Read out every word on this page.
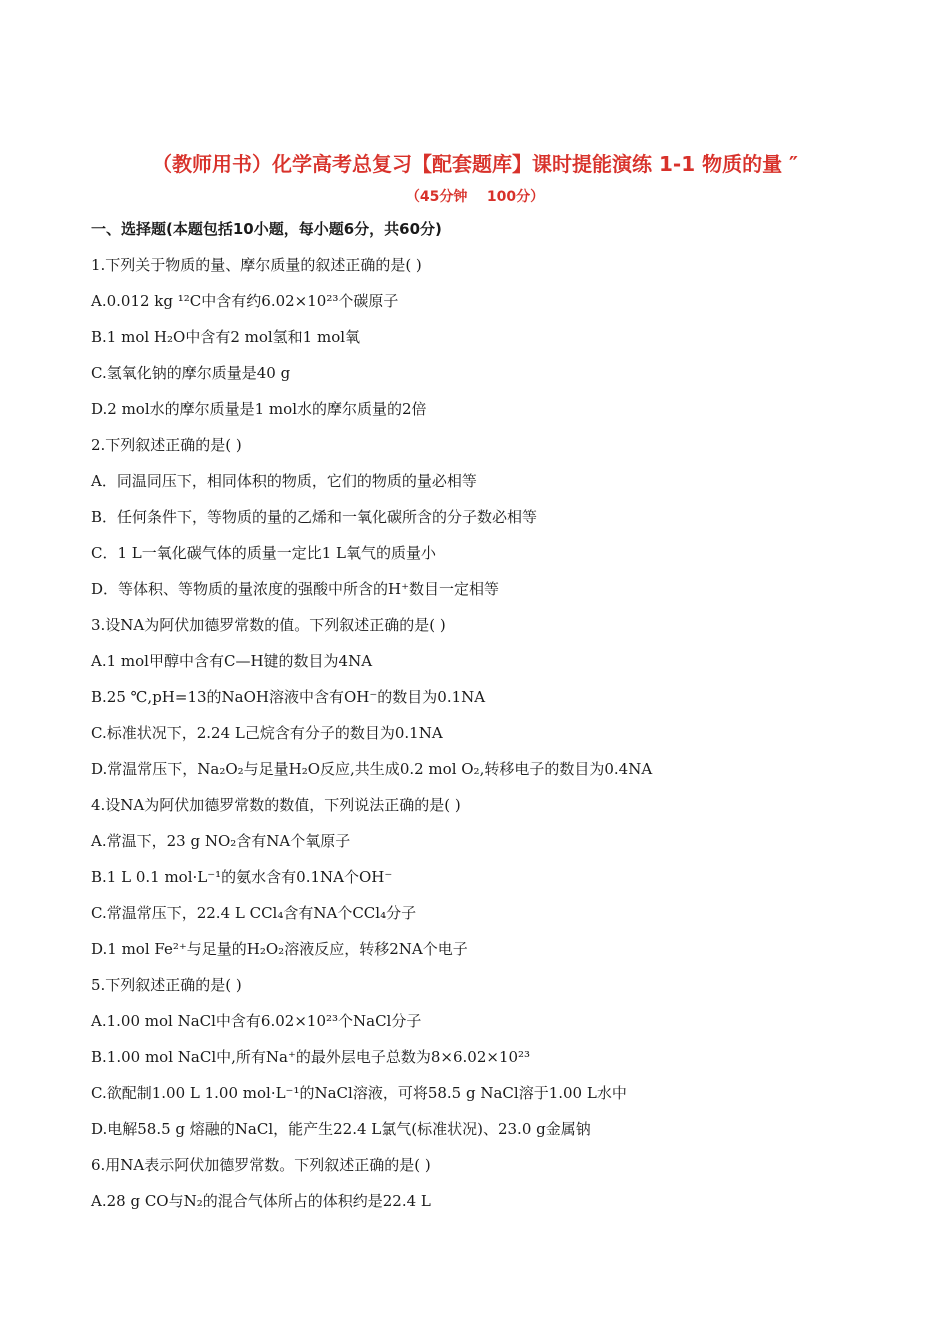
（教师用书）化学高考总复习【配套题库】课时提能演练 1-1 物质的量 ″
（45分钟    100分）
一、选择题(本题包括10小题，每小题6分，共60分)
1.下列关于物质的量、摩尔质量的叙述正确的是( )
A.0.012 kg ¹²C中含有约6.02×10²³个碳原子
B.1 mol H₂O中含有2 mol氢和1 mol氧
C.氢氧化钠的摩尔质量是40 g
D.2 mol水的摩尔质量是1 mol水的摩尔质量的2倍
2.下列叙述正确的是( )
A．同温同压下，相同体积的物质，它们的物质的量必相等
B．任何条件下，等物质的量的乙烯和一氧化碳所含的分子数必相等
C．1 L一氧化碳气体的质量一定比1 L氧气的质量小
D．等体积、等物质的量浓度的强酸中所含的H⁺数目一定相等
3.设NA为阿伏加德罗常数的值。下列叙述正确的是( )
A.1 mol甲醇中含有C—H键的数目为4NA
B.25 ℃,pH=13的NaOH溶液中含有OH⁻的数目为0.1NA
C.标准状况下，2.24 L己烷含有分子的数目为0.1NA
D.常温常压下，Na₂O₂与足量H₂O反应,共生成0.2 mol O₂,转移电子的数目为0.4NA
4.设NA为阿伏加德罗常数的数值，下列说法正确的是( )
A.常温下，23 g NO₂含有NA个氧原子
B.1 L 0.1 mol·L⁻¹的氨水含有0.1NA个OH⁻
C.常温常压下，22.4 L CCl₄含有NA个CCl₄分子
D.1 mol Fe²⁺与足量的H₂O₂溶液反应，转移2NA个电子
5.下列叙述正确的是( )
A.1.00 mol NaCl中含有6.02×10²³个NaCl分子
B.1.00 mol NaCl中,所有Na⁺的最外层电子总数为8×6.02×10²³
C.欲配制1.00 L 1.00 mol·L⁻¹的NaCl溶液，可将58.5 g NaCl溶于1.00 L水中
D.电解58.5 g 熔融的NaCl，能产生22.4 L氯气(标准状况)、23.0 g金属钠
6.用NA表示阿伏加德罗常数。下列叙述正确的是( )
A.28 g CO与N₂的混合气体所占的体积约是22.4 L
